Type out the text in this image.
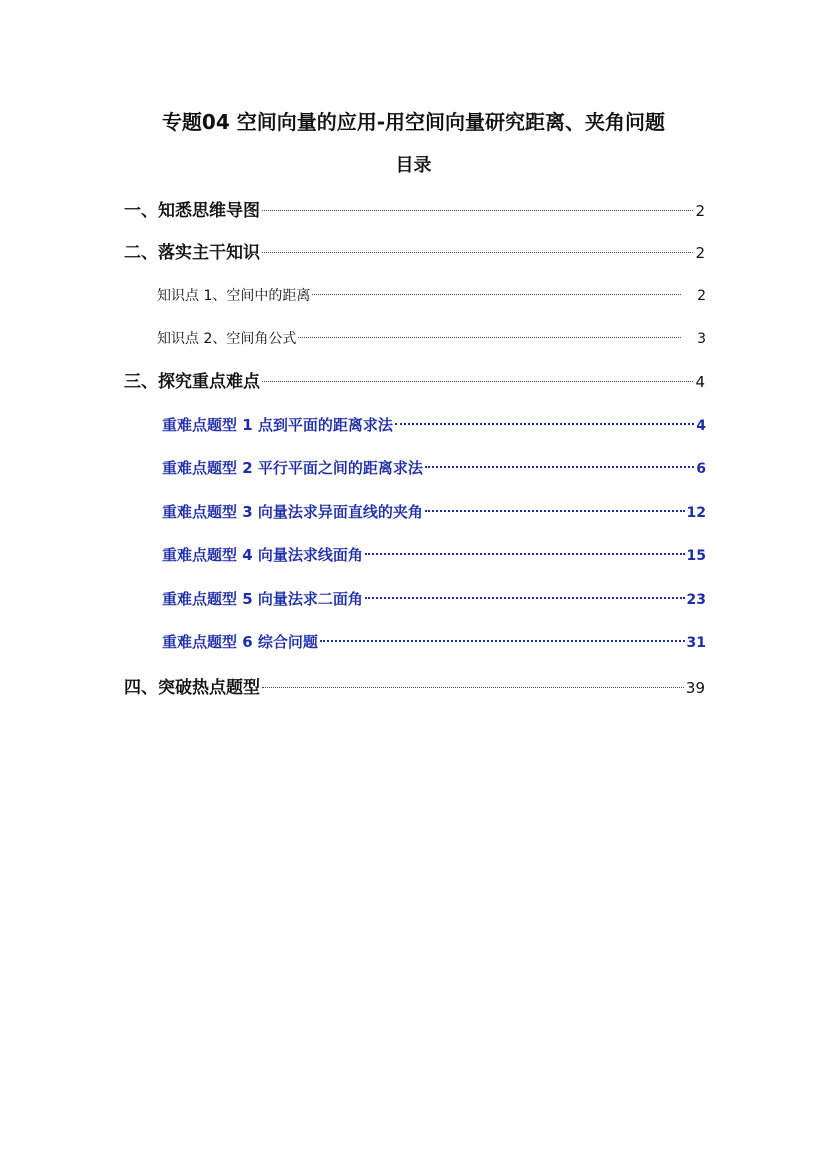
专题04 空间向量的应用-用空间向量研究距离、夹角问题
目录
一、知悉思维导图	2
二、落实主干知识	2
知识点 1、空间中的距离	2
知识点 2、空间角公式	3
三、探究重点难点	4
重难点题型 1 点到平面的距离求法	4
重难点题型 2 平行平面之间的距离求法	6
重难点题型 3 向量法求异面直线的夹角	12
重难点题型 4 向量法求线面角	15
重难点题型 5 向量法求二面角	23
重难点题型 6 综合问题	31
四、突破热点题型	39
